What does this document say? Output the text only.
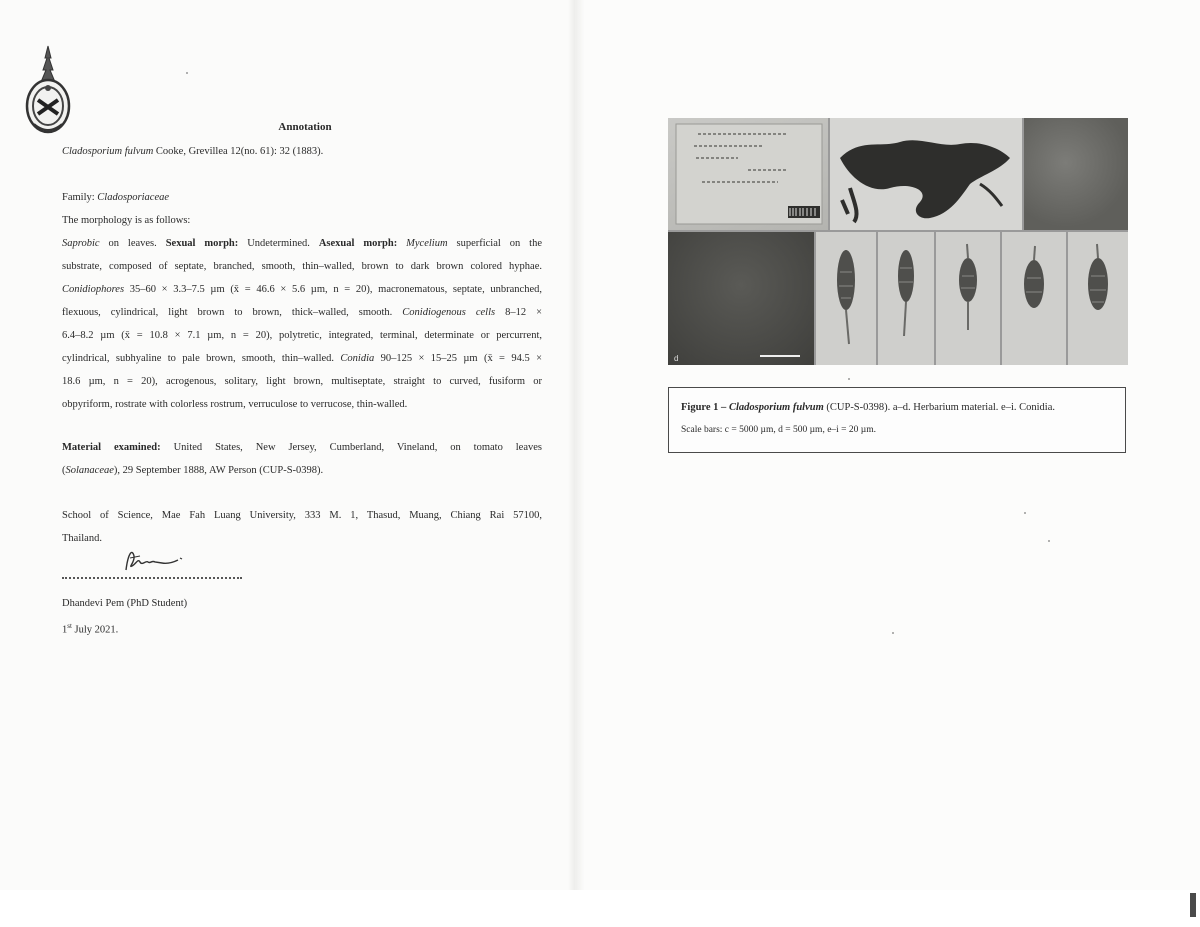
Annotation
Cladosporium fulvum Cooke, Grevillea 12(no. 61): 32 (1883).
Family: Cladosporiaceae
The morphology is as follows:
Saprobic on leaves. Sexual morph: Undetermined. Asexual morph: Mycelium superficial on the
substrate, composed of septate, branched, smooth, thin–walled, brown to dark brown colored hyphae.
Conidiophores 35–60 × 3.3–7.5 µm (x̄ = 46.6 × 5.6 µm, n = 20), macronematous, septate, unbranched,
flexuous, cylindrical, light brown to brown, thick–walled, smooth. Conidiogenous cells 8–12 ×
6.4–8.2 µm (x̄ = 10.8 × 7.1 µm, n = 20), polytretic, integrated, terminal, determinate or percurrent,
cylindrical, subhyaline to pale brown, smooth, thin–walled. Conidia 90–125 × 15–25 µm (x̄ = 94.5 ×
18.6 µm, n = 20), acrogenous, solitary, light brown, multiseptate, straight to curved, fusiform or
obpyriform, rostrate with colorless rostrum, verruculose to verrucose, thin-walled.
Material examined: United States, New Jersey, Cumberland, Vineland, on tomato leaves
(Solanaceae), 29 September 1888, AW Person (CUP-S-0398).
School of Science, Mae Fah Luang University, 333 M. 1, Thasud, Muang, Chiang Rai 57100,
Thailand.
Dhandevi Pem (PhD Student)
1st July 2021.
d
Figure 1 – Cladosporium fulvum (CUP-S-0398). a–d. Herbarium material. e–i. Conidia.
Scale bars: c = 5000 µm, d = 500 µm, e–i = 20 µm.
